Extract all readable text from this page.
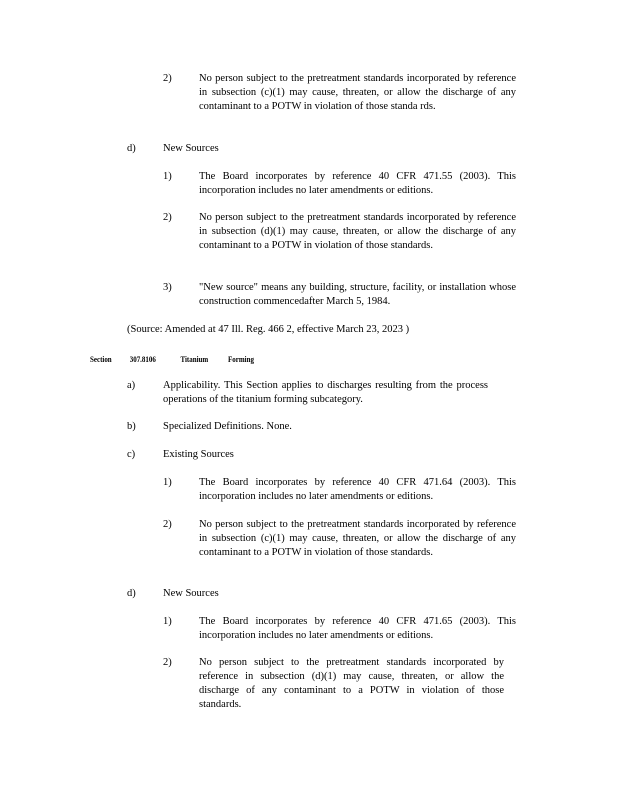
2)	No person subject to the pretreatment standards incorporated by reference in subsection (c)(1) may cause, threaten, or allow the discharge of any contaminant to a POTW in violation of those standa rds.
d)	New Sources
1)	The Board incorporates by reference 40 CFR 471.55 (2003). This incorporation includes no later amendments or editions.
2)	No person subject to the pretreatment standards incorporated by reference in subsection (d)(1) may cause, threaten, or allow the discharge of any contaminant to a POTW in violation of those standards.
3)	"New source" means any building, structure, facility, or installation whose construction commencedafter March 5, 1984.
(Source: Amended at 47 Ill. Reg. 466 2, effective March 23, 2023 )
Section 307.8106	Titanium Forming
a)	Applicability. This Section applies to discharges resulting from the process operations of the titanium forming subcategory.
b)	Specialized Definitions. None.
c)	Existing Sources
1)	The Board incorporates by reference 40 CFR 471.64 (2003). This incorporation includes no later amendments or editions.
2)	No person subject to the pretreatment standards incorporated by reference in subsection (c)(1) may cause, threaten, or allow the discharge of any contaminant to a POTW in violation of those standards.
d)	New Sources
1)	The Board incorporates by reference 40 CFR 471.65 (2003). This incorporation includes no later amendments or editions.
2)	No person subject to the pretreatment standards incorporated by reference in subsection (d)(1) may cause, threaten, or allow the discharge of any contaminant to a POTW in violation of those standards.
